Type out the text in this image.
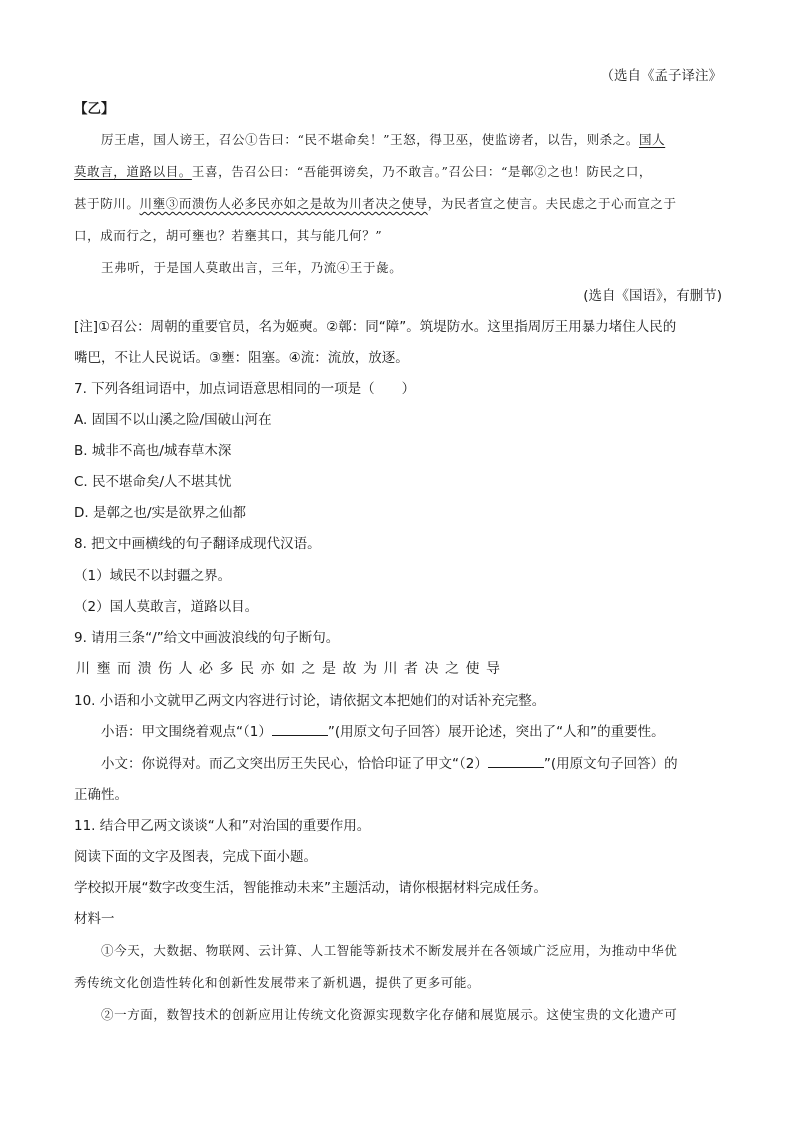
（选自《孟子译注》
【乙】
厉王虐，国人谤王，召公①告曰：“民不堪命矣！”王怒，得卫巫，使监谤者，以告，则杀之。国人
莫敢言，道路以目。王喜，告召公曰：“吾能弭谤矣，乃不敢言。”召公曰：“是鄣②之也！防民之口，
甚于防川。川壅③而溃伤人必多民亦如之是故为川者决之使导，为民者宣之使言。夫民虑之于心而宣之于
口，成而行之，胡可壅也？若壅其口，其与能几何？”
王弗听，于是国人莫敢出言，三年，乃流④王于彘。
(选自《国语》，有删节)
[注]①召公：周朝的重要官员，名为姬奭。②鄣：同“障”。筑堤防水。这里指周厉王用暴力堵住人民的
嘴巴，不让人民说话。③壅：阻塞。④流：流放，放逐。
7. 下列各组词语中，加点词语意思相同的一项是（　　）
A. 固国不以山溪之险/国破山河在
B. 城非不高也/城春草木深
C. 民不堪命矣/人不堪其忧
D. 是鄣之也/实是欲界之仙都
8. 把文中画横线的句子翻译成现代汉语。
（1）域民不以封疆之界。
（2）国人莫敢言，道路以目。
9. 请用三条“/”给文中画波浪线的句子断句。
川壅而溃伤人必多民亦如之是故为川者决之使导
10. 小语和小文就甲乙两文内容进行讨论，请依据文本把她们的对话补充完整。
小语：甲文围绕着观点“（1）	”(用原文句子回答）展开论述，突出了“人和”的重要性。
小文：你说得对。而乙文突出厉王失民心，恰恰印证了甲文“（2）	”(用原文句子回答）的
正确性。
11. 结合甲乙两文谈谈“人和”对治国的重要作用。
阅读下面的文字及图表，完成下面小题。
学校拟开展“数字改变生活，智能推动未来”主题活动，请你根据材料完成任务。
材料一
①今天，大数据、物联网、云计算、人工智能等新技术不断发展并在各领域广泛应用，为推动中华优
秀传统文化创造性转化和创新性发展带来了新机遇，提供了更多可能。
②一方面，数智技术的创新应用让传统文化资源实现数字化存储和展览展示。这使宝贵的文化遗产可
